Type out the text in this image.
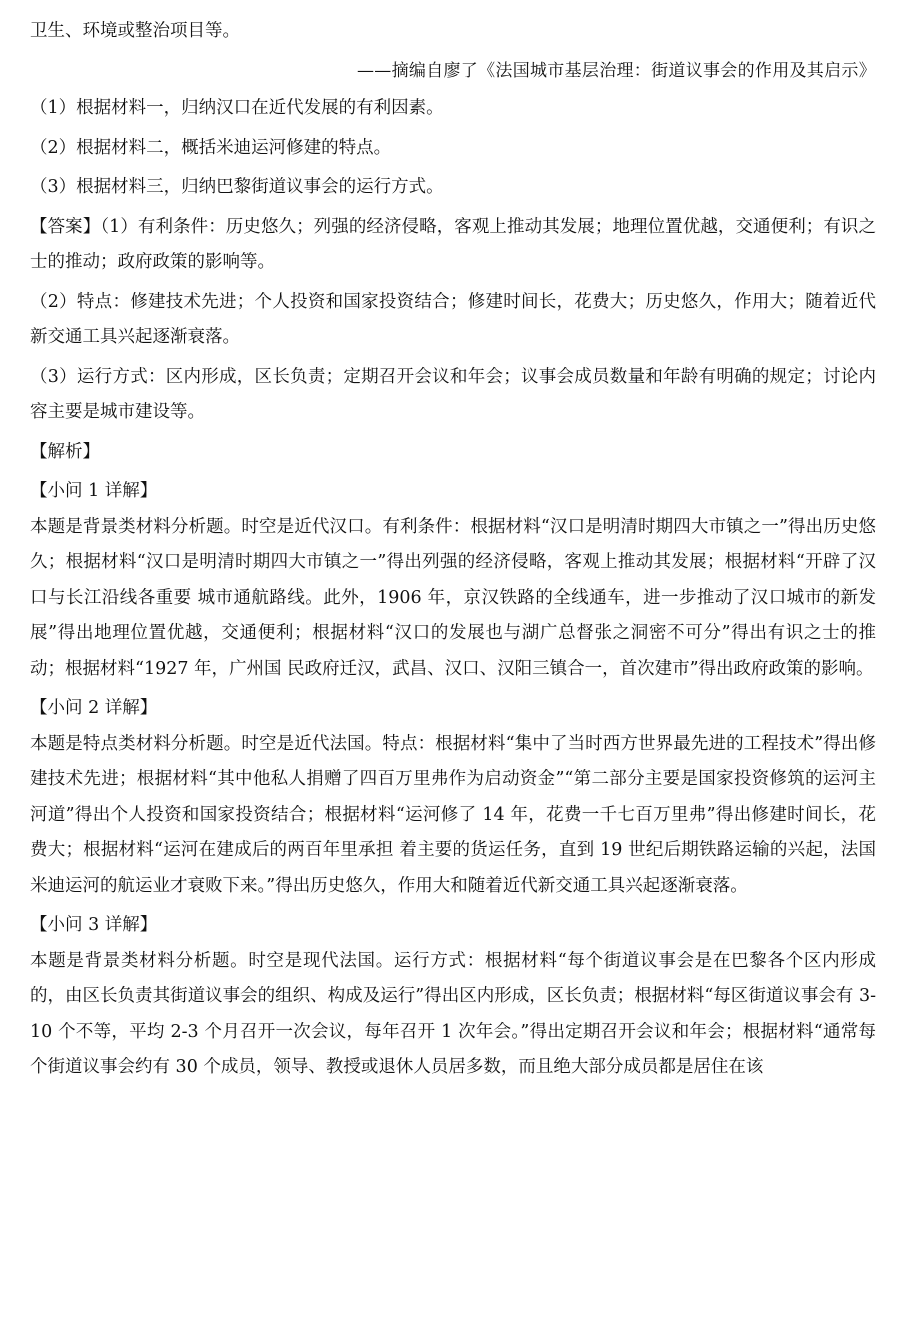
卫生、环境或整治项目等。
——摘编自廖了《法国城市基层治理：街道议事会的作用及其启示》

（1）根据材料一，归纳汉口在近代发展的有利因素。

（2）根据材料二，概括米迪运河修建的特点。

（3）根据材料三，归纳巴黎街道议事会的运行方式。

【答案】（1）有利条件：历史悠久；列强的经济侵略，客观上推动其发展；地理位置优越，交通便利；有识之士的推动；政府政策的影响等。

（2）特点：修建技术先进；个人投资和国家投资结合；修建时间长，花费大；历史悠久，作用大；随着近代新交通工具兴起逐渐衰落。

（3）运行方式：区内形成，区长负责；定期召开会议和年会；议事会成员数量和年龄有明确的规定；讨论内容主要是城市建设等。

【解析】
【小问 1 详解】

本题是背景类材料分析题。时空是近代汉口。有利条件：根据材料“汉口是明清时期四大市镇之一”得出历史悠久；根据材料“汉口是明清时期四大市镇之一”得出列强的经济侵略，客观上推动其发展；根据材料“开辟了汉口与长江沿线各重要 城市通航路线。此外，1906 年，京汉铁路的全线通车，进一步推动了汉口城市的新发展”得出地理位置优越，交通便利；根据材料“汉口的发展也与湖广总督张之洞密不可分”得出有识之士的推动；根据材料“1927 年，广州国 民政府迁汉，武昌、汉口、汉阳三镇合一，首次建市”得出政府政策的影响。

【小问 2 详解】

本题是特点类材料分析题。时空是近代法国。特点：根据材料“集中了当时西方世界最先进的工程技术”得出修建技术先进；根据材料“其中他私人捐赠了四百万里弗作为启动资金”“第二部分主要是国家投资修筑的运河主河道”得出个人投资和国家投资结合；根据材料“运河修了 14 年，花费一千七百万里弗”得出修建时间长，花费大；根据材料“运河在建成后的两百年里承担 着主要的货运任务，直到 19 世纪后期铁路运输的兴起，法国米迪运河的航运业才衰败下来。”得出历史悠久，作用大和随着近代新交通工具兴起逐渐衰落。

【小问 3 详解】

本题是背景类材料分析题。时空是现代法国。运行方式：根据材料“每个街道议事会是在巴黎各个区内形成的，由区长负责其街道议事会的组织、构成及运行”得出区内形成，区长负责；根据材料“每区街道议事会有 3-10 个不等，平均 2-3 个月召开一次会议，每年召开 1 次年会。”得出定期召开会议和年会；根据材料“通常每个街道议事会约有 30 个成员，领导、教授或退休人员居多数，而且绝大部分成员都是居住在该
